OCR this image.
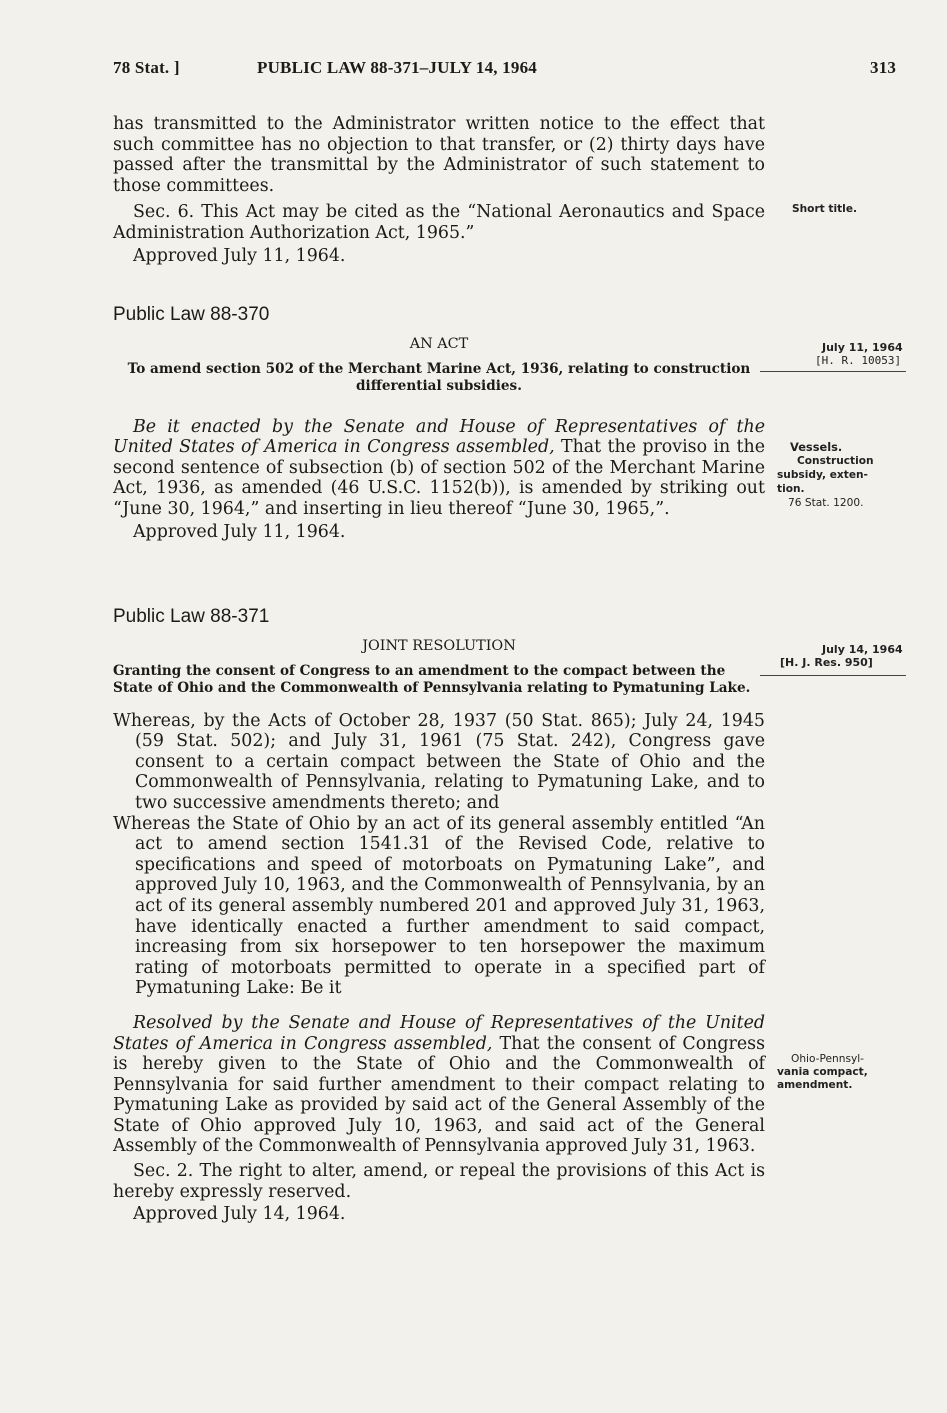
78 Stat. ]	PUBLIC LAW 88-371–JULY 14, 1964	313

has transmitted to the Administrator written notice to the effect that such committee has no objection to that transfer, or (2) thirty days have passed after the transmittal by the Administrator of such statement to those committees.

Sec. 6. This Act may be cited as the “National Aeronautics and Space Administration Authorization Act, 1965.”

Approved July 11, 1964.

Public Law 88-370

AN ACT

To amend section 502 of the Merchant Marine Act, 1936, relating to construction differential subsidies.

Be it enacted by the Senate and House of Representatives of the United States of America in Congress assembled, That the proviso in the second sentence of subsection (b) of section 502 of the Merchant Marine Act, 1936, as amended (46 U.S.C. 1152(b)), is amended by striking out “June 30, 1964,” and inserting in lieu thereof “June 30, 1965,”.

Approved July 11, 1964.

Public Law 88-371

JOINT RESOLUTION

Granting the consent of Congress to an amendment to the compact between the State of Ohio and the Commonwealth of Pennsylvania relating to Pymatuning Lake.

Whereas, by the Acts of October 28, 1937 (50 Stat. 865); July 24, 1945 (59 Stat. 502); and July 31, 1961 (75 Stat. 242), Congress gave consent to a certain compact between the State of Ohio and the Commonwealth of Pennsylvania, relating to Pymatuning Lake, and to two successive amendments thereto; and

Whereas the State of Ohio by an act of its general assembly entitled “An act to amend section 1541.31 of the Revised Code, relative to specifications and speed of motorboats on Pymatuning Lake”, and approved July 10, 1963, and the Commonwealth of Pennsylvania, by an act of its general assembly numbered 201 and approved July 31, 1963, have identically enacted a further amendment to said compact, increasing from six horsepower to ten horsepower the maximum rating of motorboats permitted to operate in a specified part of Pymatuning Lake: Be it

Resolved by the Senate and House of Representatives of the United States of America in Congress assembled, That the consent of Congress is hereby given to the State of Ohio and the Commonwealth of Pennsylvania for said further amendment to their compact relating to Pymatuning Lake as provided by said act of the General Assembly of the State of Ohio approved July 10, 1963, and said act of the General Assembly of the Commonwealth of Pennsylvania approved July 31, 1963.

Sec. 2. The right to alter, amend, or repeal the provisions of this Act is hereby expressly reserved.

Approved July 14, 1964.

Short title.
July 11, 1964
[H. R. 10053]
Vessels.
Construction
subsidy, exten-
tion.
76 Stat. 1200.
July 14, 1964
[H. J. Res. 950]
Ohio-Pennsyl-
vania compact,
amendment.
